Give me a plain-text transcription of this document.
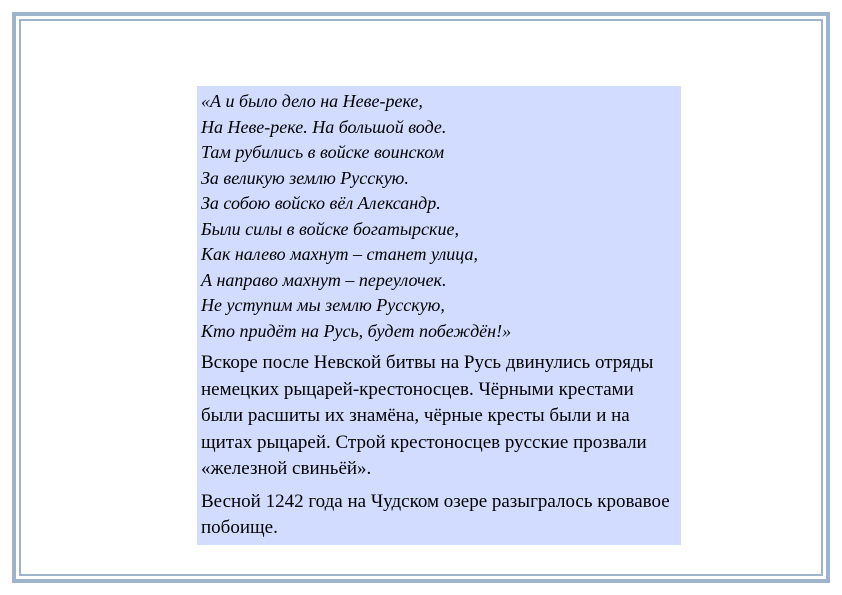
«А и было дело на Неве-реке,
На Неве-реке. На большой воде.
Там рубились в войске воинском
За великую землю Русскую.
За собою войско вёл Александр.
Были силы в войске богатырские,
Как налево махнут – станет улица,
А направо махнут – переулочек.
Не уступим мы землю Русскую,
Кто придёт на Русь, будет побеждён!»

Вскоре после Невской битвы на Русь двинулись отряды немецких рыцарей-крестоносцев. Чёрными крестами были расшиты их знамёна, чёрные кресты были и на щитах рыцарей. Строй крестоносцев русские прозвали «железной свиньёй».

Весной 1242 года на Чудском озере разыгралось кровавое побоище.
